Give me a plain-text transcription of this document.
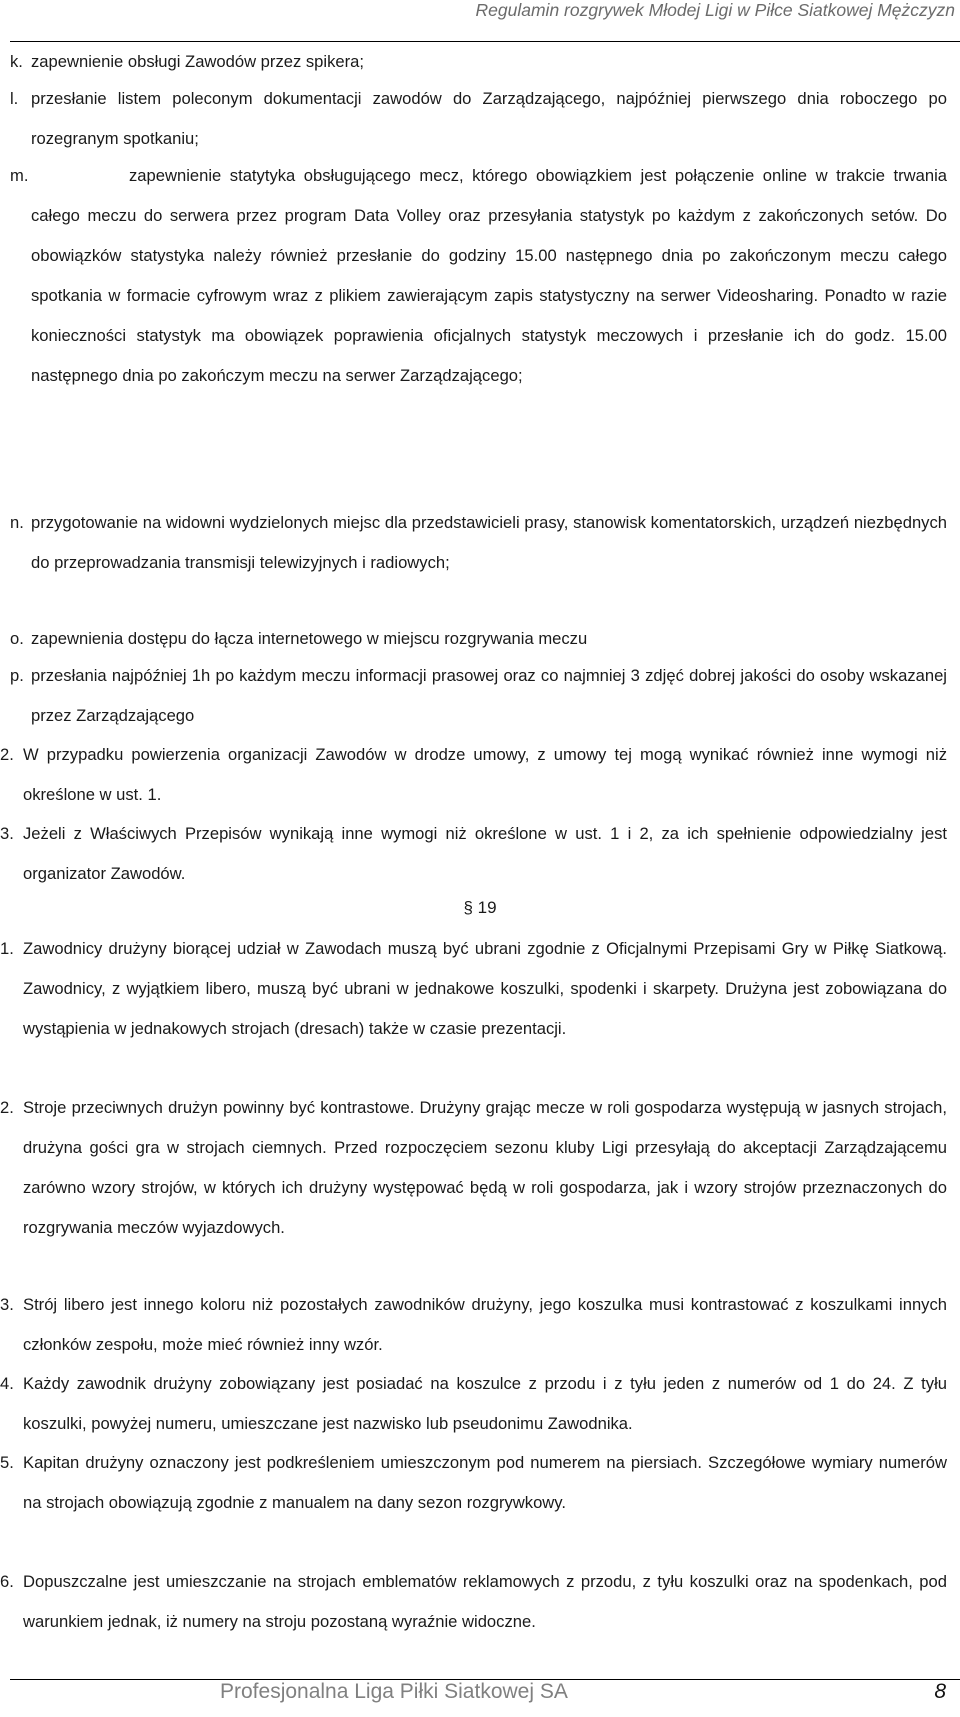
Regulamin rozgrywek Młodej Ligi w Piłce Siatkowej Mężczyzn
k. zapewnienie obsługi Zawodów przez spikera;
l. przesłanie listem poleconym dokumentacji zawodów do Zarządzającego, najpóźniej pierwszego dnia roboczego po rozegranym spotkaniu;
m.	zapewnienie statytyka obsługującego mecz, którego obowiązkiem jest połączenie online w trakcie trwania całego meczu do serwera przez program Data Volley oraz przesyłania statystyk po każdym z zakończonych setów. Do obowiązków statystyka należy również przesłanie do godziny 15.00 następnego dnia po zakończonym meczu całego spotkania w formacie cyfrowym wraz z plikiem zawierającym zapis statystyczny na serwer Videosharing. Ponadto w razie konieczności statystyk ma obowiązek poprawienia oficjalnych statystyk meczowych i przesłanie ich do godz. 15.00 następnego dnia po zakończym meczu na serwer Zarządzającego;
n. przygotowanie na widowni wydzielonych miejsc dla przedstawicieli prasy, stanowisk komentatorskich, urządzeń niezbędnych do przeprowadzania transmisji telewizyjnych i radiowych;
o. zapewnienia dostępu do łącza internetowego w miejscu rozgrywania meczu
p. przesłania najpóźniej 1h po każdym meczu informacji prasowej oraz co najmniej 3 zdjęć dobrej jakości do osoby wskazanej przez Zarządzającego
2. W przypadku powierzenia organizacji Zawodów w drodze umowy, z umowy tej mogą wynikać również inne wymogi niż określone w ust. 1.
3. Jeżeli z Właściwych Przepisów wynikają inne wymogi niż określone w ust. 1 i 2, za ich spełnienie odpowiedzialny jest organizator Zawodów.
§ 19
1. Zawodnicy drużyny biorącej udział w Zawodach muszą być ubrani zgodnie z Oficjalnymi Przepisami Gry w Piłkę Siatkową. Zawodnicy, z wyjątkiem libero, muszą być ubrani w jednakowe koszulki, spodenki i skarpety. Drużyna jest zobowiązana do wystąpienia w jednakowych strojach (dresach) także w czasie prezentacji.
2. Stroje przeciwnych drużyn powinny być kontrastowe. Drużyny grając mecze w roli gospodarza występują w jasnych strojach, drużyna gości gra w strojach ciemnych. Przed rozpoczęciem sezonu kluby Ligi przesyłają do akceptacji Zarządzającemu zarówno wzory strojów, w których ich drużyny występować będą w roli gospodarza, jak i wzory strojów przeznaczonych do rozgrywania meczów wyjazdowych.
3. Strój libero jest innego koloru niż pozostałych zawodników drużyny, jego koszulka musi kontrastować z koszulkami innych członków zespołu, może mieć również inny wzór.
4. Każdy zawodnik drużyny zobowiązany jest posiadać na koszulce z przodu i z tyłu jeden z numerów od 1 do 24. Z tyłu koszulki, powyżej numeru, umieszczane jest nazwisko lub pseudonimu Zawodnika.
5. Kapitan drużyny oznaczony jest podkreśleniem umieszczonym pod numerem na piersiach. Szczegółowe wymiary numerów na strojach obowiązują zgodnie z manualem na dany sezon rozgrywkowy.
6. Dopuszczalne jest umieszczanie na strojach emblematów reklamowych z przodu, z tyłu koszulki oraz na spodenkach, pod warunkiem jednak, iż numery na stroju pozostaną wyraźnie widoczne.
Profesjonalna Liga Piłki Siatkowej SA	8
